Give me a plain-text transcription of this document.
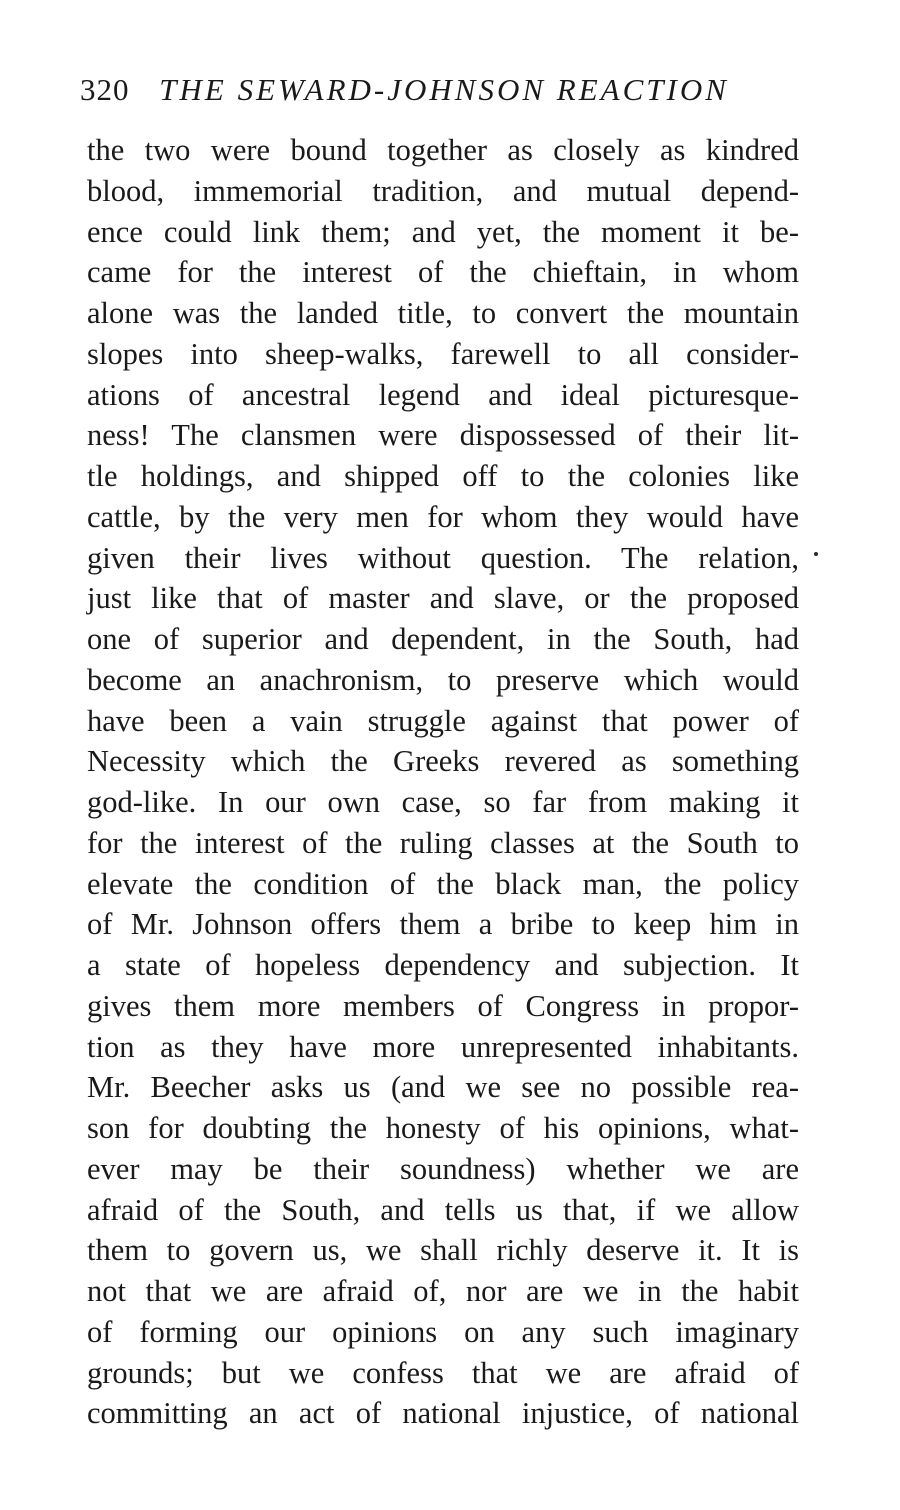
320 THE SEWARD-JOHNSON REACTION
the two were bound together as closely as kindred
blood, immemorial tradition, and mutual depend-
ence could link them; and yet, the moment it be-
came for the interest of the chieftain, in whom
alone was the landed title, to convert the mountain
slopes into sheep-walks, farewell to all consider-
ations of ancestral legend and ideal picturesque-
ness! The clansmen were dispossessed of their lit-
tle holdings, and shipped off to the colonies like
cattle, by the very men for whom they would have
given their lives without question. The relation,
just like that of master and slave, or the proposed
one of superior and dependent, in the South, had
become an anachronism, to preserve which would
have been a vain struggle against that power of
Necessity which the Greeks revered as something
god-like. In our own case, so far from making it
for the interest of the ruling classes at the South to
elevate the condition of the black man, the policy
of Mr. Johnson offers them a bribe to keep him in
a state of hopeless dependency and subjection. It
gives them more members of Congress in propor-
tion as they have more unrepresented inhabitants.
Mr. Beecher asks us (and we see no possible rea-
son for doubting the honesty of his opinions, what-
ever may be their soundness) whether we are
afraid of the South, and tells us that, if we allow
them to govern us, we shall richly deserve it. It is
not that we are afraid of, nor are we in the habit
of forming our opinions on any such imaginary
grounds; but we confess that we are afraid of
committing an act of national injustice, of national
